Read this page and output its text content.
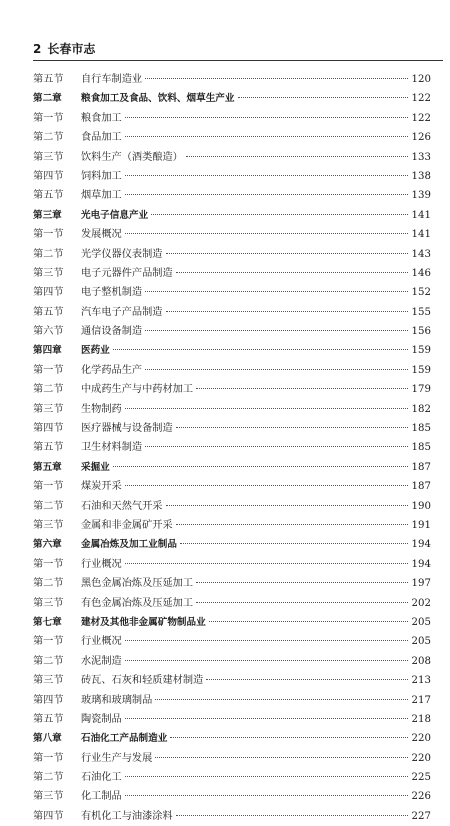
2 长春市志
第五节	自行车制造业	120
第二章	粮食加工及食品、饮料、烟草生产业	122
第一节	粮食加工	122
第二节	食品加工	126
第三节	饮料生产（酒类酿造）	133
第四节	饲料加工	138
第五节	烟草加工	139
第三章	光电子信息产业	141
第一节	发展概况	141
第二节	光学仪器仪表制造	143
第三节	电子元器件产品制造	146
第四节	电子整机制造	152
第五节	汽车电子产品制造	155
第六节	通信设备制造	156
第四章	医药业	159
第一节	化学药品生产	159
第二节	中成药生产与中药材加工	179
第三节	生物制药	182
第四节	医疗器械与设备制造	185
第五节	卫生材料制造	185
第五章	采掘业	187
第一节	煤炭开采	187
第二节	石油和天然气开采	190
第三节	金属和非金属矿开采	191
第六章	金属冶炼及加工业制品	194
第一节	行业概况	194
第二节	黑色金属冶炼及压延加工	197
第三节	有色金属冶炼及压延加工	202
第七章	建材及其他非金属矿物制品业	205
第一节	行业概况	205
第二节	水泥制造	208
第三节	砖瓦、石灰和轻质建材制造	213
第四节	玻璃和玻璃制品	217
第五节	陶瓷制品	218
第八章	石油化工产品制造业	220
第一节	行业生产与发展	220
第二节	石油化工	225
第三节	化工制品	226
第四节	有机化工与油漆涂料	227
